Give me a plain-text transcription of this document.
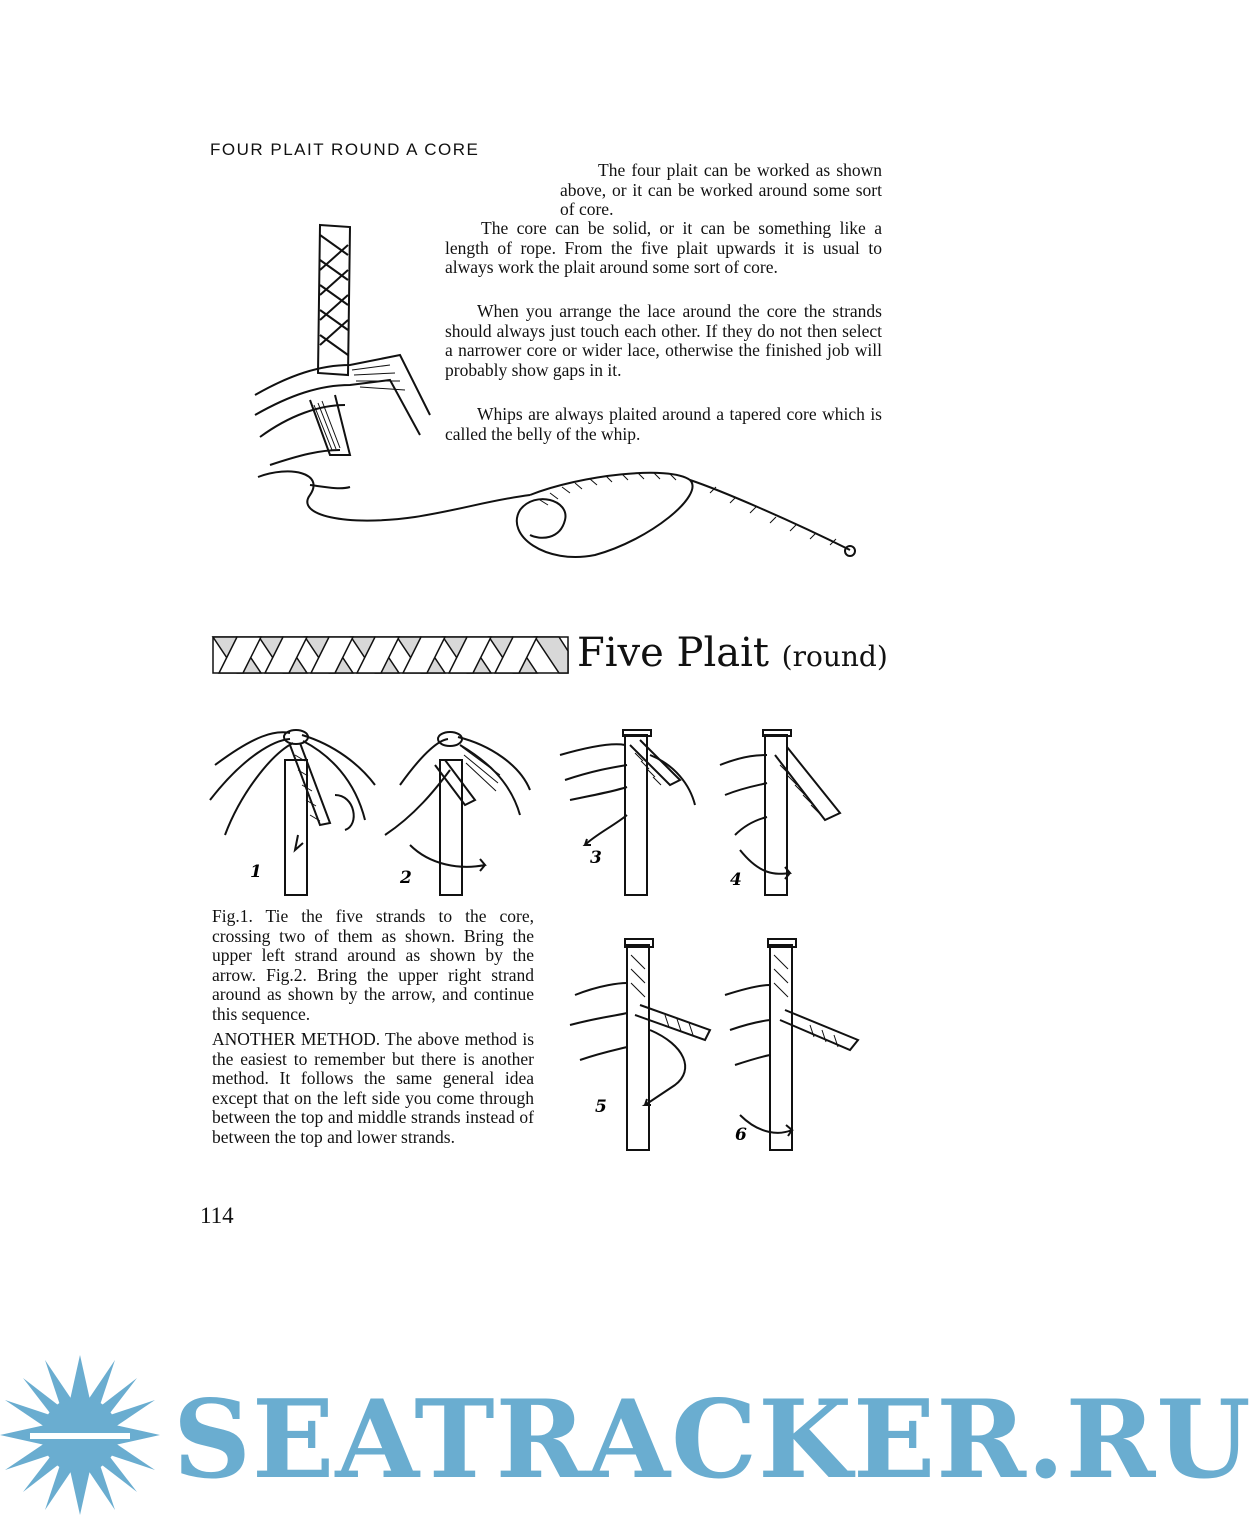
FOUR PLAIT ROUND A CORE
The four plait can be worked as shown above, or it can be worked around some sort of core.
The core can be solid, or it can be something like a length of rope. From the five plait upwards it is usual to always work the plait around some sort of core.
When you arrange the lace around the core the strands should always just touch each other. If they do not then select a narrower core or wider lace, otherwise the finished job will probably show gaps in it.
Whips are always plaited around a tapered core which is called the belly of the whip.
Five Plait (round)
1	2
3
4
5
6
Fig.1. Tie the five strands to the core, crossing two of them as shown. Bring the upper left strand around as shown by the arrow. Fig.2. Bring the upper right strand around as shown by the arrow, and continue this sequence.
ANOTHER METHOD. The above method is the easiest to remember but there is another method. It follows the same general idea except that on the left side you come through between the top and middle strands instead of between the top and lower strands.
114
SEATRACKER.RU
